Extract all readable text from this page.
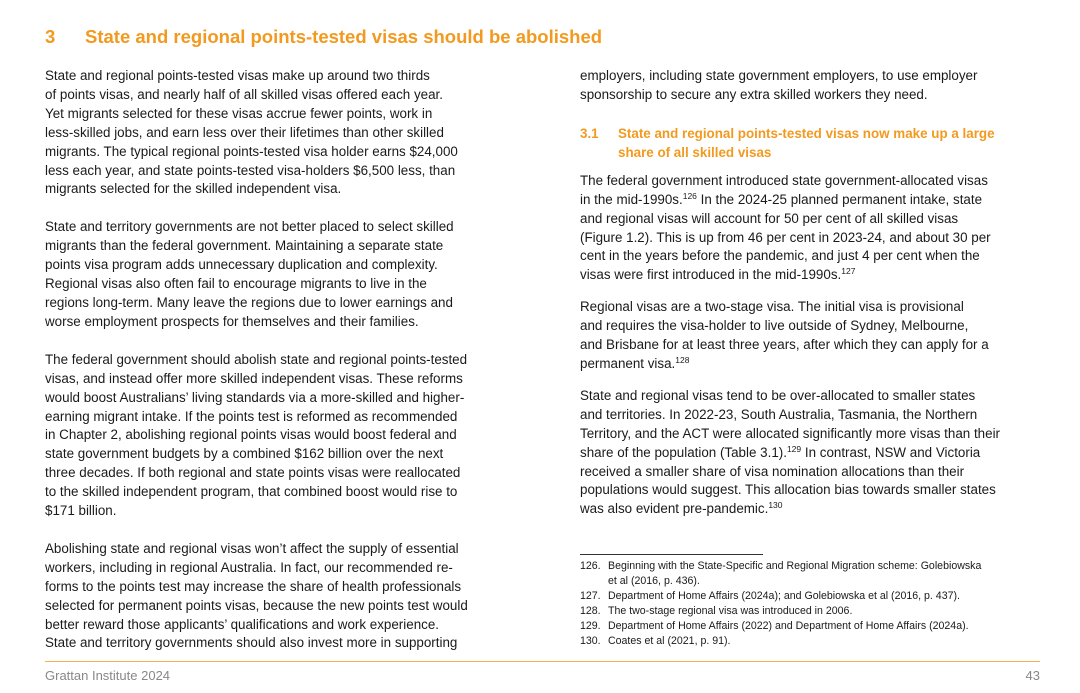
3 State and regional points-tested visas should be abolished

State and regional points-tested visas make up around two thirds
of points visas, and nearly half of all skilled visas offered each year.
Yet migrants selected for these visas accrue fewer points, work in
less-skilled jobs, and earn less over their lifetimes than other skilled
migrants. The typical regional points-tested visa holder earns $24,000
less each year, and state points-tested visa-holders $6,500 less, than
migrants selected for the skilled independent visa.

State and territory governments are not better placed to select skilled
migrants than the federal government. Maintaining a separate state
points visa program adds unnecessary duplication and complexity.
Regional visas also often fail to encourage migrants to live in the
regions long-term. Many leave the regions due to lower earnings and
worse employment prospects for themselves and their families.

The federal government should abolish state and regional points-tested
visas, and instead offer more skilled independent visas. These reforms
would boost Australians’ living standards via a more-skilled and higher-
earning migrant intake. If the points test is reformed as recommended
in Chapter 2, abolishing regional points visas would boost federal and
state government budgets by a combined $162 billion over the next
three decades. If both regional and state points visas were reallocated
to the skilled independent program, that combined boost would rise to
$171 billion.

Abolishing state and regional visas won’t affect the supply of essential
workers, including in regional Australia. In fact, our recommended re-
forms to the points test may increase the share of health professionals
selected for permanent points visas, because the new points test would
better reward those applicants’ qualifications and work experience.
State and territory governments should also invest more in supporting

employers, including state government employers, to use employer
sponsorship to secure any extra skilled workers they need.

3.1	State and regional points-tested visas now make up a large
share of all skilled visas

The federal government introduced state government-allocated visas
in the mid-1990s.$^{126}$ In the 2024-25 planned permanent intake, state
and regional visas will account for 50 per cent of all skilled visas
(Figure 1.2). This is up from 46 per cent in 2023-24, and about 30 per
cent in the years before the pandemic, and just 4 per cent when the
visas were first introduced in the mid-1990s.$^{127}$

Regional visas are a two-stage visa. The initial visa is provisional
and requires the visa-holder to live outside of Sydney, Melbourne,
and Brisbane for at least three years, after which they can apply for a
permanent visa.$^{128}$

State and regional visas tend to be over-allocated to smaller states
and territories. In 2022-23, South Australia, Tasmania, the Northern
Territory, and the ACT were allocated significantly more visas than their
share of the population (Table 3.1).$^{129}$ In contrast, NSW and Victoria
received a smaller share of visa nomination allocations than their
populations would suggest. This allocation bias towards smaller states
was also evident pre-pandemic.$^{130}$

126. Beginning with the State-Specific and Regional Migration scheme: Golebiowska
et al (2016, p. 436).
127. Department of Home Affairs (2024a); and Golebiowska et al (2016, p. 437).
128. The two-stage regional visa was introduced in 2006.
129. Department of Home Affairs (2022) and Department of Home Affairs (2024a).
130. Coates et al (2021, p. 91).
Grattan Institute 2024	43
